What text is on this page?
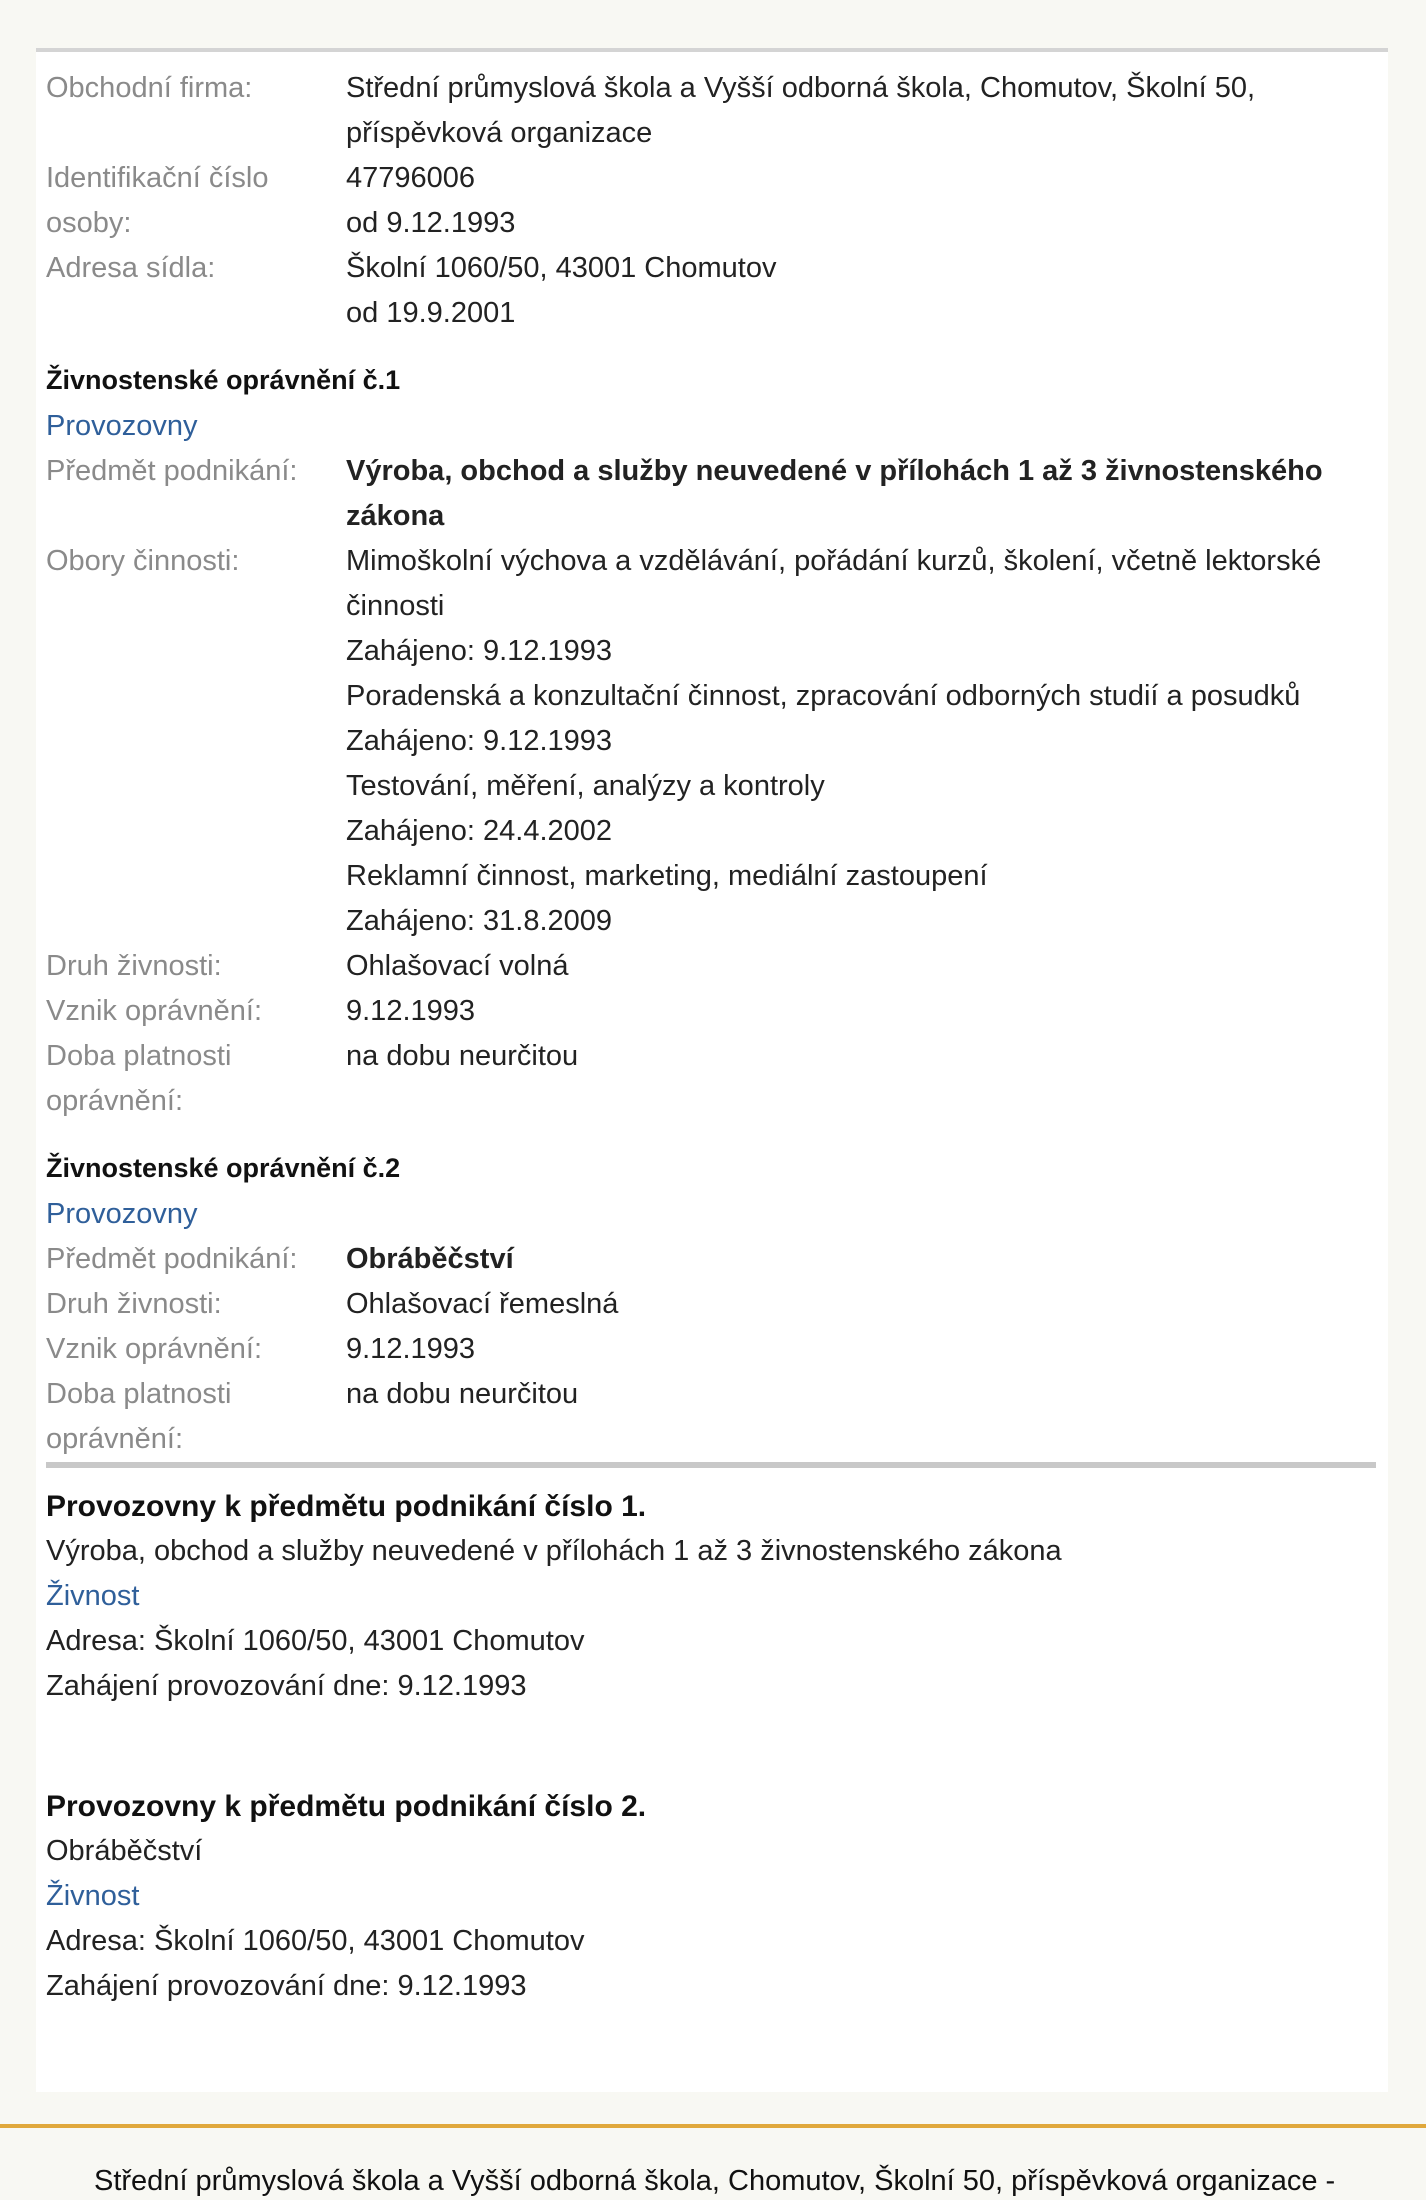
Obchodní firma:	Střední průmyslová škola a Vyšší odborná škola, Chomutov, Školní 50,
příspěvková organizace
Identifikační číslo	47796006
osoby:	od 9.12.1993
Adresa sídla:	Školní 1060/50, 43001 Chomutov
od 19.9.2001
Živnostenské oprávnění č.1
Provozovny
Předmět podnikání: Výroba, obchod a služby neuvedené v přílohách 1 až 3 živnostenského
zákona
Obory činnosti:	Mimoškolní výchova a vzdělávání, pořádání kurzů, školení, včetně lektorské
činnosti
Zahájeno: 9.12.1993
Poradenská a konzultační činnost, zpracování odborných studií a posudků
Zahájeno: 9.12.1993
Testování, měření, analýzy a kontroly
Zahájeno: 24.4.2002
Reklamní činnost, marketing, mediální zastoupení
Zahájeno: 31.8.2009
Druh živnosti:	Ohlašovací volná
Vznik oprávnění:	9.12.1993
Doba platnosti	na dobu neurčitou
oprávnění:
Živnostenské oprávnění č.2
Provozovny
Předmět podnikání: Obráběčství
Druh živnosti:	Ohlašovací řemeslná
Vznik oprávnění:	9.12.1993
Doba platnosti	na dobu neurčitou
oprávnění:
Provozovny k předmětu podnikání číslo 1.
Výroba, obchod a služby neuvedené v přílohách 1 až 3 živnostenského zákona
Živnost
Adresa: Školní 1060/50, 43001 Chomutov
Zahájení provozování dne: 9.12.1993
Provozovny k předmětu podnikání číslo 2.
Obráběčství
Živnost
Adresa: Školní 1060/50, 43001 Chomutov
Zahájení provozování dne: 9.12.1993
Střední průmyslová škola a Vyšší odborná škola, Chomutov, Školní 50, příspěvková organizace -
